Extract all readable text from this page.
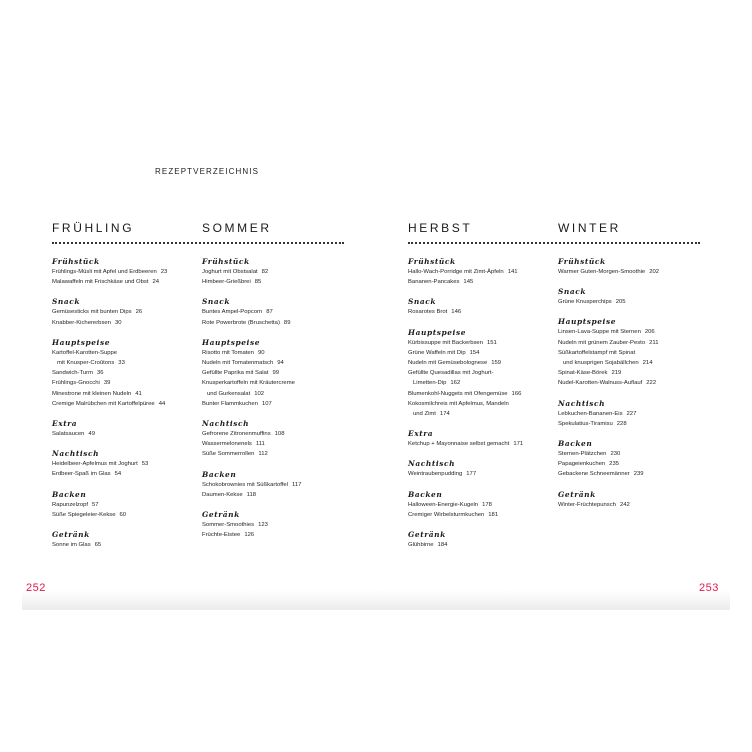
REZEPTVERZEICHNIS
FRÜHLING
Frühstück
Frühlings-Müsli mit Apfel und Erdbeeren 23
Malawaffeln mit Frischkäse und Obst 24
Snack
Gemüsesticks mit bunten Dips 26
Knabber-Kichererbsen 30
Hauptspeise
Kartoffel-Karotten-Suppe
mit Knusper-Croûtons 33
Sandwich-Turm 36
Frühlings-Gnocchi 39
Minestrone mit kleinen Nudeln 41
Cremige Malrübchen mit Kartoffelpüree 44
Extra
Salatsaucen 49
Nachtisch
Heidelbeer-Apfelmus mit Joghurt 53
Erdbeer-Spaß im Glas 54
Backen
Rapunzelzopf 57
Süße Spiegeleier-Kekse 60
Getränk
Sonne im Glas 65
SOMMER
Frühstück
Joghurt mit Obstsalat 82
Himbeer-Grießbrei 85
Snack
Buntes Ampel-Popcorn 87
Rote Powerbrote (Bruschetta) 89
Hauptspeise
Risotto mit Tomaten 90
Nudeln mit Tomatenmatsch 94
Gefüllte Paprika mit Salat 99
Knusperkartoffeln mit Kräutercreme
und Gurkensalat 102
Bunter Flammkuchen 107
Nachtisch
Gefrorene Zitronenmuffins 108
Wassermelonenels 111
Süße Sommerrollen 112
Backen
Schokobrownies mit Süßkartoffel 117
Daumen-Kekse 118
Getränk
Sommer-Smoothies 123
Früchte-Eistee 126
HERBST
Frühstück
Hallo-Wach-Porridge mit Zimt-Äpfeln 141
Bananen-Pancakes 145
Snack
Rosarotes Brot 146
Hauptspeise
Kürbissuppe mit Backerbsen 151
Grüne Waffeln mit Dip 154
Nudeln mit Gemüsebolognese 159
Gefüllte Quesadillas mit Joghurt-
Limetten-Dip 162
Blumenkohl-Nuggets mit Ofengemüse 166
Kokosmilchreis mit Apfelmus, Mandeln
und Zimt 174
Extra
Ketchup + Mayonnaise selbst gemacht 171
Nachtisch
Weintraubenpudding 177
Backen
Halloween-Energie-Kugeln 178
Cremiger Wirbelsturmkuchen 181
Getränk
Glühbirne 184
WINTER
Frühstück
Warmer Guten-Morgen-Smoothie 202
Snack
Grüne Knusperchips 205
Hauptspeise
Linsen-Lava-Suppe mit Sternen 206
Nudeln mit grünem Zauber-Pesto 211
Süßkartoffelstampf mit Spinat
und knusprigen Sojabällchen 214
Spinat-Käse-Börek 219
Nudel-Karotten-Walnuss-Auflauf 222
Nachtisch
Lebkuchen-Bananen-Eis 227
Spekulatius-Tiramisu 228
Backen
Sternen-Plätzchen 230
Papageienkuchen 235
Gebackene Schneemänner 239
Getränk
Winter-Früchtepunsch 242
252	253
